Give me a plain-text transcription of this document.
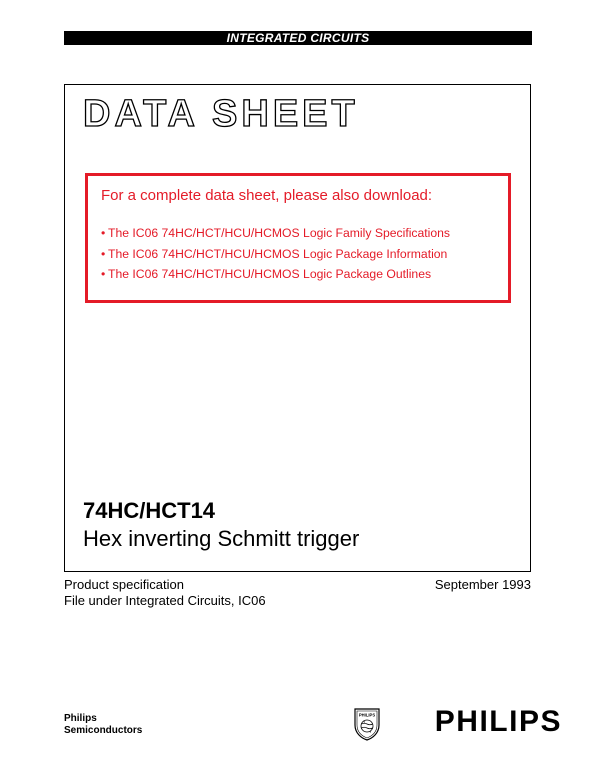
INTEGRATED CIRCUITS
DATA SHEET
For a complete data sheet, please also download:
• The IC06 74HC/HCT/HCU/HCMOS Logic Family Specifications
• The IC06 74HC/HCT/HCU/HCMOS Logic Package Information
• The IC06 74HC/HCT/HCU/HCMOS Logic Package Outlines
74HC/HCT14
Hex inverting Schmitt trigger
Product specification
File under Integrated Circuits, IC06
September 1993
Philips
Semiconductors
PHILIPS
✦
✦ PHILIPS
